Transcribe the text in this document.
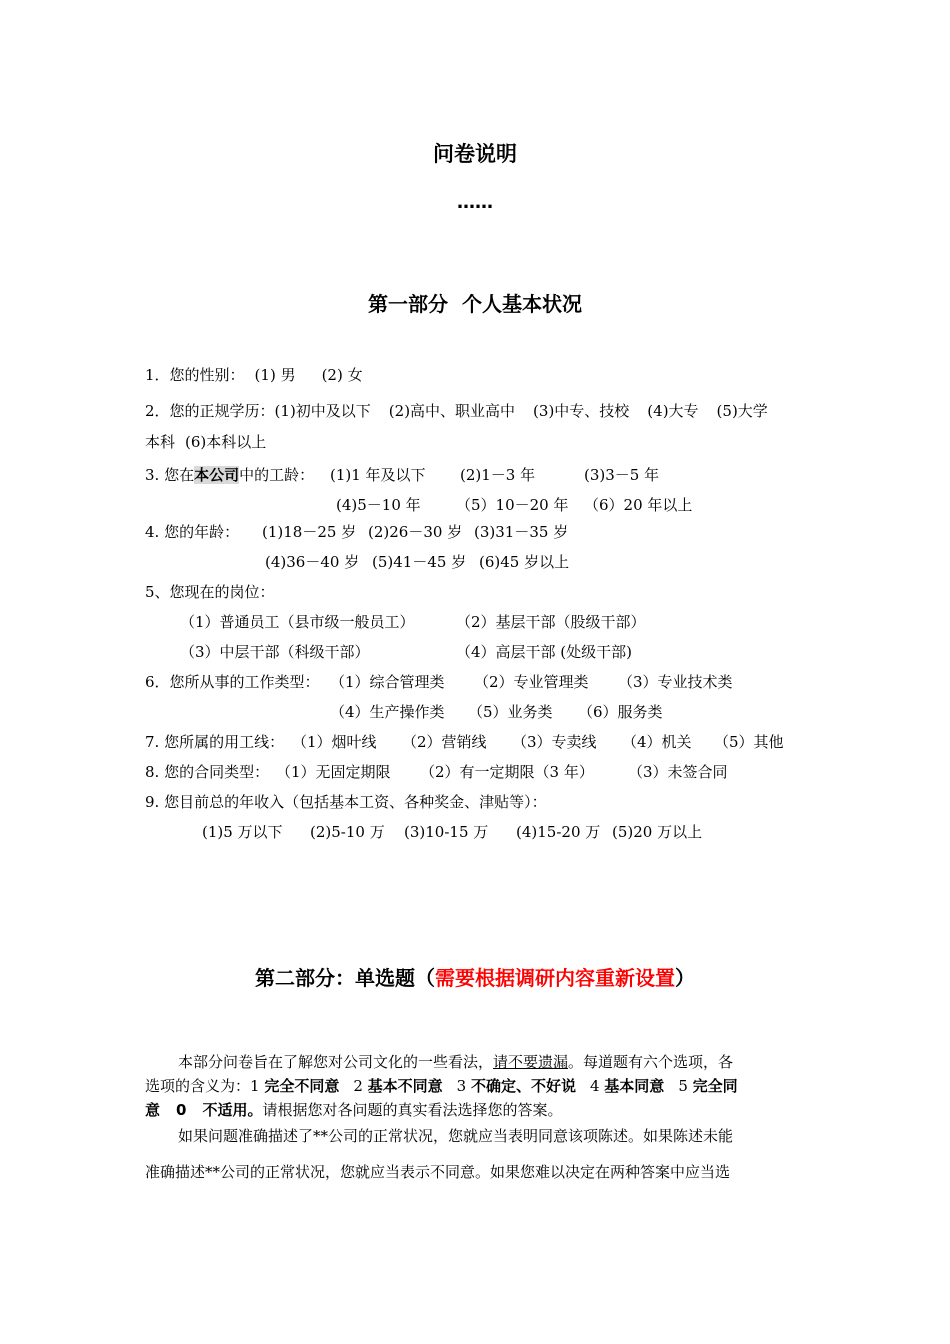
问卷说明
……
第一部分  个人基本状况
1．您的性别： (1) 男 (2) 女
2．您的正规学历：(1)初中及以下 (2)高中、职业高中 (3)中专、技校 (4)大专 (5)大学
本科 (6)本科以上
3. 您在本公司中的工龄： (1)1 年及以下 (2)1－3 年	(3)3－5 年
(4)5－10 年 （5）10－20 年 （6）20 年以上
4. 您的年龄： (1)18－25 岁 (2)26－30 岁 (3)31－35 岁
(4)36－40 岁 (5)41－45 岁 (6)45 岁以上
5、您现在的岗位：
（1）普通员工（县市级一般员工）	（2）基层干部（股级干部）
（3）中层干部（科级干部）	（4）高层干部 (处级干部)
6．您所从事的工作类型： （1）综合管理类 （2）专业管理类 （3）专业技术类
（4）生产操作类 （5）业务类 （6）服务类
7. 您所属的用工线： （1）烟叶线 （2）营销线 （3）专卖线 （4）机关 （5）其他
8. 您的合同类型： （1）无固定期限 （2）有一定期限（3 年） （3）未签合同
9. 您目前总的年收入（包括基本工资、各种奖金、津贴等）：
(1)5 万以下 (2)5-10 万 (3)10-15 万 (4)15-20 万 (5)20 万以上
第二部分：单选题（需要根据调研内容重新设置）
本部分问卷旨在了解您对公司文化的一些看法，请不要遗漏。每道题有六个选项，各
选项的含义为：1 完全不同意 2 基本不同意 3 不确定、不好说 4 基本同意 5 完全同
意 0 不适用。请根据您对各问题的真实看法选择您的答案。
如果问题准确描述了**公司的正常状况，您就应当表明同意该项陈述。如果陈述未能
准确描述**公司的正常状况，您就应当表示不同意。如果您难以决定在两种答案中应当选
